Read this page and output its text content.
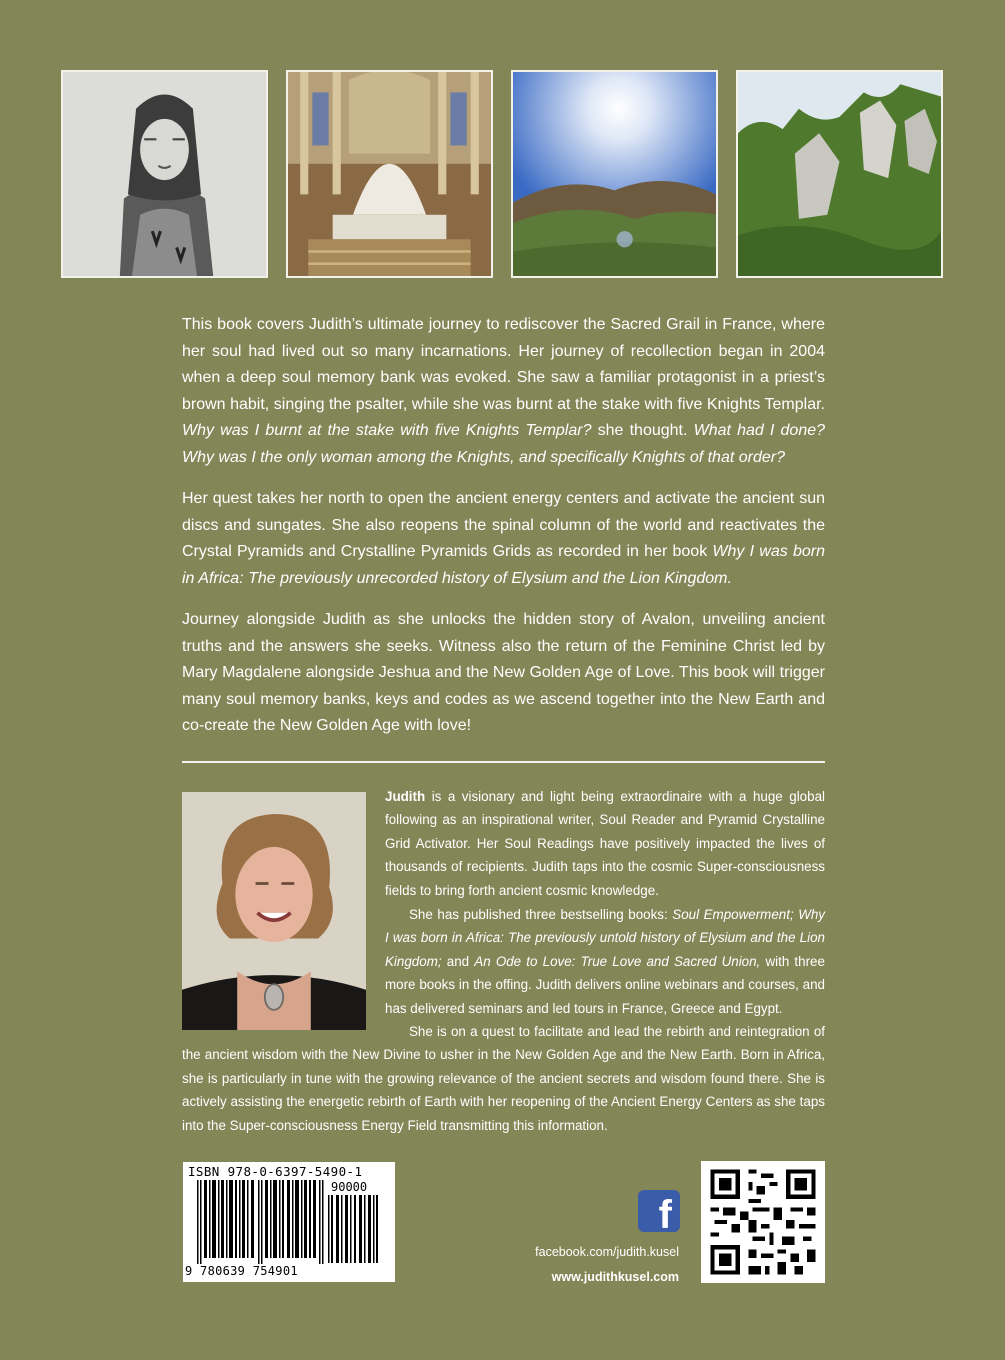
This book covers Judith’s ultimate journey to rediscover the Sacred Grail in France, where her soul had lived out so many incarnations. Her journey of recollection began in 2004 when a deep soul memory bank was evoked. She saw a familiar protagonist in a priest’s brown habit, singing the psalter, while she was burnt at the stake with five Knights Templar. Why was I burnt at the stake with five Knights Templar? she thought. What had I done? Why was I the only woman among the Knights, and specifically Knights of that order?

Her quest takes her north to open the ancient energy centers and activate the ancient sun discs and sungates. She also reopens the spinal column of the world and reactivates the Crystal Pyramids and Crystalline Pyramids Grids as recorded in her book Why I was born in Africa: The previously unrecorded history of Elysium and the Lion Kingdom.

Journey alongside Judith as she unlocks the hidden story of Avalon, unveiling ancient truths and the answers she seeks. Witness also the return of the Feminine Christ led by Mary Magdalene alongside Jeshua and the New Golden Age of Love. This book will trigger many soul memory banks, keys and codes as we ascend together into the New Earth and co-create the New Golden Age with love!

Judith is a visionary and light being extraordinaire with a huge global following as an inspirational writer, Soul Reader and Pyramid Crystalline Grid Activator. Her Soul Readings have positively impacted the lives of thousands of recipients. Judith taps into the cosmic Super-consciousness fields to bring forth ancient cosmic knowledge.

She has published three bestselling books: Soul Empowerment; Why I was born in Africa: The previously untold history of Elysium and the Lion Kingdom; and An Ode to Love: True Love and Sacred Union, with three more books in the offing. Judith delivers online webinars and courses, and has delivered seminars and led tours in France, Greece and Egypt.

She is on a quest to facilitate and lead the rebirth and reintegration of the ancient wisdom with the New Divine to usher in the New Golden Age and the New Earth. Born in Africa, she is particularly in tune with the growing relevance of the ancient secrets and wisdom found there. She is actively assisting the energetic rebirth of Earth with her reopening of the Ancient Energy Centers as she taps into the Super-consciousness Energy Field transmitting this information.

ISBN 978-0-6397-5490-1
90000
9 780639 754901
f
facebook.com/judith.kusel
www.judithkusel.com
